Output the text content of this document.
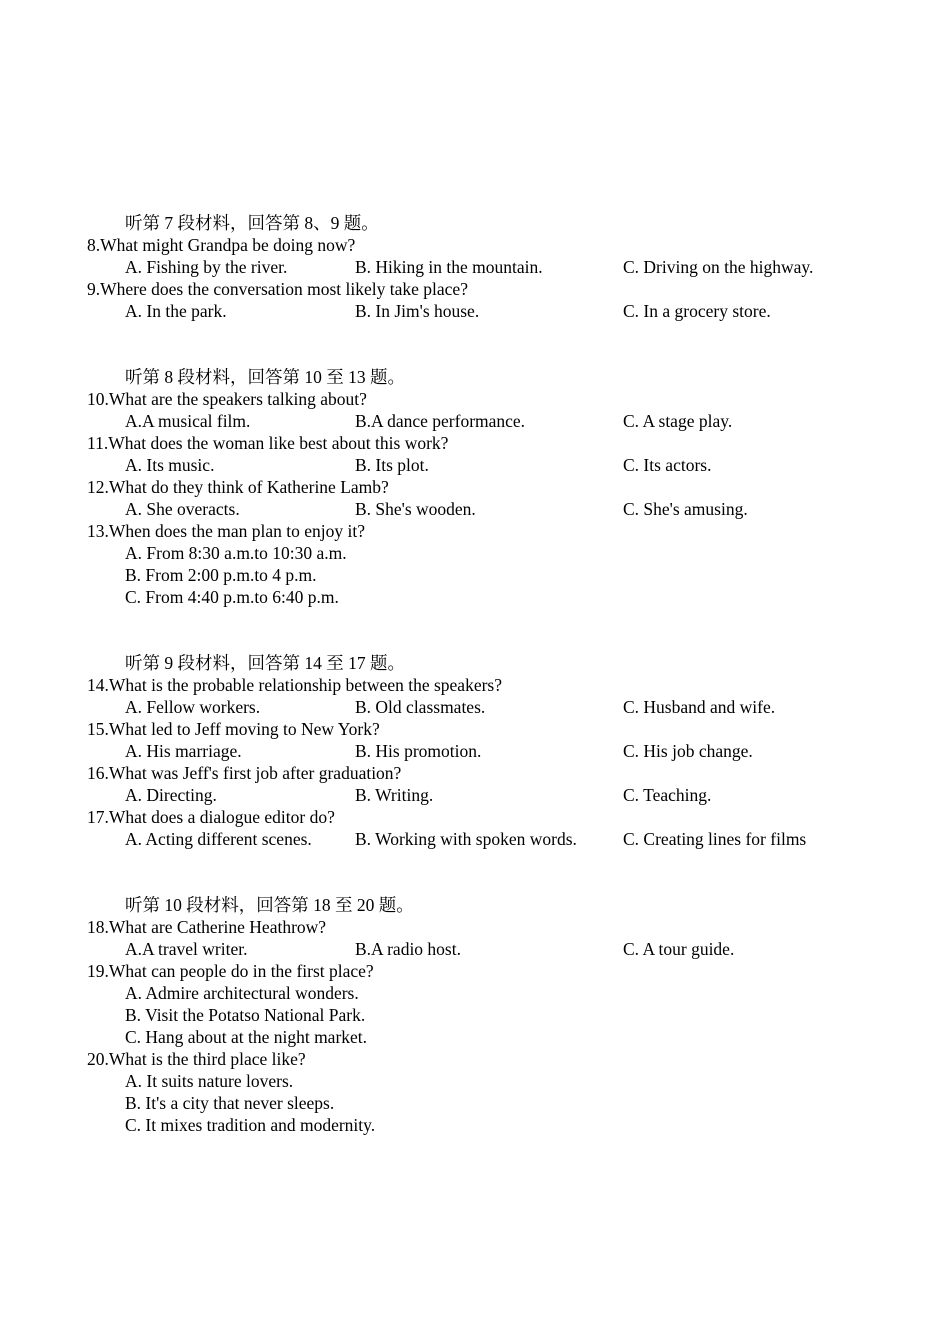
听第 7 段材料，回答第 8、9 题。
8.What might Grandpa be doing now?
A. Fishing by the river.	B. Hiking in the mountain.	C. Driving on the highway.
9.Where does the conversation most likely take place?
A. In the park.	B. In Jim's house.	C. In a grocery store.
听第 8 段材料，回答第 10 至 13 题。
10.What are the speakers talking about?
A.A musical film.	B.A dance performance.	C. A stage play.
11.What does the woman like best about this work?
A. Its music.	B. Its plot.	C. Its actors.
12.What do they think of Katherine Lamb?
A. She overacts.	B. She's wooden.	C. She's amusing.
13.When does the man plan to enjoy it?
A. From 8:30 a.m.to 10:30 a.m.
B. From 2:00 p.m.to 4 p.m.
C. From 4:40 p.m.to 6:40 p.m.
听第 9 段材料，回答第 14 至 17 题。
14.What is the probable relationship between the speakers?
A. Fellow workers.	B. Old classmates.	C. Husband and wife.
15.What led to Jeff moving to New York?
A. His marriage.	B. His promotion.	C. His job change.
16.What was Jeff's first job after graduation?
A. Directing.	B. Writing.	C. Teaching.
17.What does a dialogue editor do?
A. Acting different scenes. B. Working with spoken words.	C. Creating lines for films
听第 10 段材料，回答第 18 至 20 题。
18.What are Catherine Heathrow?
A.A travel writer.	B.A radio host.	C. A tour guide.
19.What can people do in the first place?
A. Admire architectural wonders.
B. Visit the Potatso National Park.
C. Hang about at the night market.
20.What is the third place like?
A. It suits nature lovers.
B. It's a city that never sleeps.
C. It mixes tradition and modernity.
